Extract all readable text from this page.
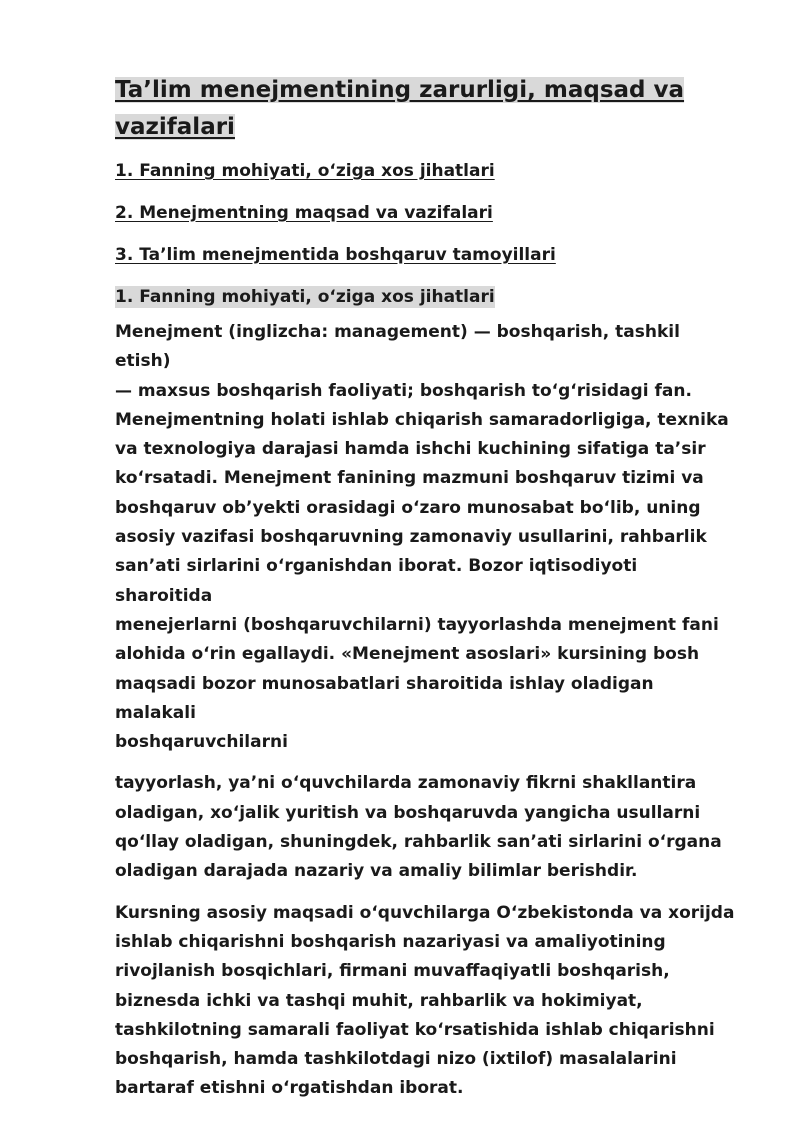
Ta’lim menejmentining zarurligi, maqsad va vazifalari
1. Fanning mohiyati, o‘ziga xos jihatlari
2. Menejmentning maqsad va vazifalari
3. Ta’lim menejmentida boshqaruv tamoyillari
1. Fanning mohiyati, o‘ziga xos jihatlari

Menejment (inglizcha: management) — boshqarish, tashkil etish)
— maxsus boshqarish faoliyati; boshqarish to‘g‘risidagi fan.
Menejmentning holati ishlab chiqarish samaradorligiga, texnika
va texnologiya darajasi hamda ishchi kuchining sifatiga ta’sir
ko‘rsatadi. Menejment fanining mazmuni boshqaruv tizimi va
boshqaruv ob’yekti orasidagi o‘zaro munosabat bo‘lib, uning
asosiy vazifasi boshqaruvning zamonaviy usullarini, rahbarlik
san’ati sirlarini o‘rganishdan iborat. Bozor iqtisodiyoti sharoitida
menejerlarni (boshqaruvchilarni) tayyorlashda menejment fani
alohida o‘rin egallaydi. «Menejment asoslari» kursining bosh
maqsadi bozor munosabatlari sharoitida ishlay oladigan malakali
boshqaruvchilarni

tayyorlash, ya’ni o‘quvchilarda zamonaviy fikrni shakllantira
oladigan, xo‘jalik yuritish va boshqaruvda yangicha usullarni
qo‘llay oladigan, shuningdek, rahbarlik san’ati sirlarini o‘rgana
oladigan darajada nazariy va amaliy bilimlar berishdir.

Kursning asosiy maqsadi o‘quvchilarga O‘zbekistonda va xorijda
ishlab chiqarishni boshqarish nazariyasi va amaliyotining
rivojlanish bosqichlari, firmani muvaffaqiyatli boshqarish,
biznesda ichki va tashqi muhit, rahbarlik va hokimiyat,
tashkilotning samarali faoliyat ko‘rsatishida ishlab chiqarishni
boshqarish, hamda tashkilotdagi nizo (ixtilof) masalalarini
bartaraf etishni o‘rgatishdan iborat.
